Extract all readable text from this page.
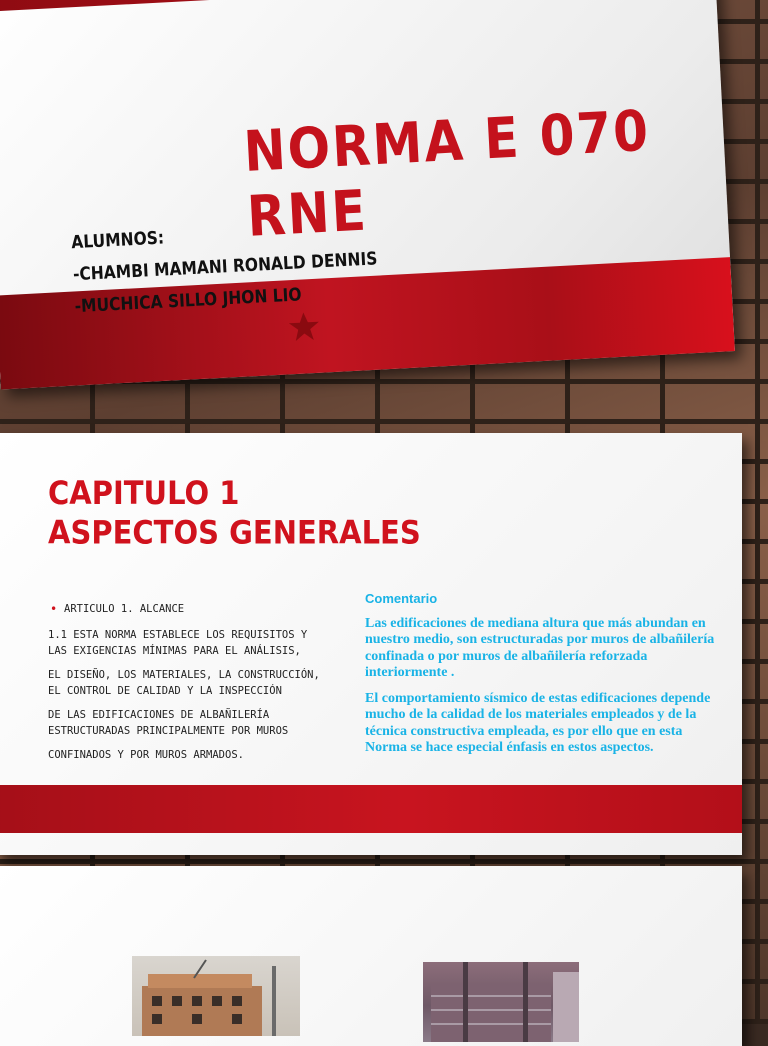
NORMA E 070 RNE
ALUMNOS:
-CHAMBI MAMANI RONALD DENNIS
-MUCHICA SILLO JHON LIO
CAPITULO 1
ASPECTOS GENERALES
• ARTICULO 1. ALCANCE

1.1 ESTA NORMA ESTABLECE LOS REQUISITOS Y LAS EXIGENCIAS MÍNIMAS PARA EL ANÁLISIS,

EL DISEÑO, LOS MATERIALES, LA CONSTRUCCIÓN, EL CONTROL DE CALIDAD Y LA INSPECCIÓN

DE LAS EDIFICACIONES DE ALBAÑILERÍA ESTRUCTURADAS PRINCIPALMENTE POR MUROS

CONFINADOS Y POR MUROS ARMADOS.

Comentario

Las edificaciones de mediana altura que más abundan en nuestro medio, son estructuradas por muros de albañilería confinada o por muros de albañilería reforzada interiormente .

El comportamiento sísmico de estas edificaciones depende mucho de la calidad de los materiales empleados y de la técnica constructiva empleada, es por ello que en esta Norma se hace especial énfasis en estos aspectos.
